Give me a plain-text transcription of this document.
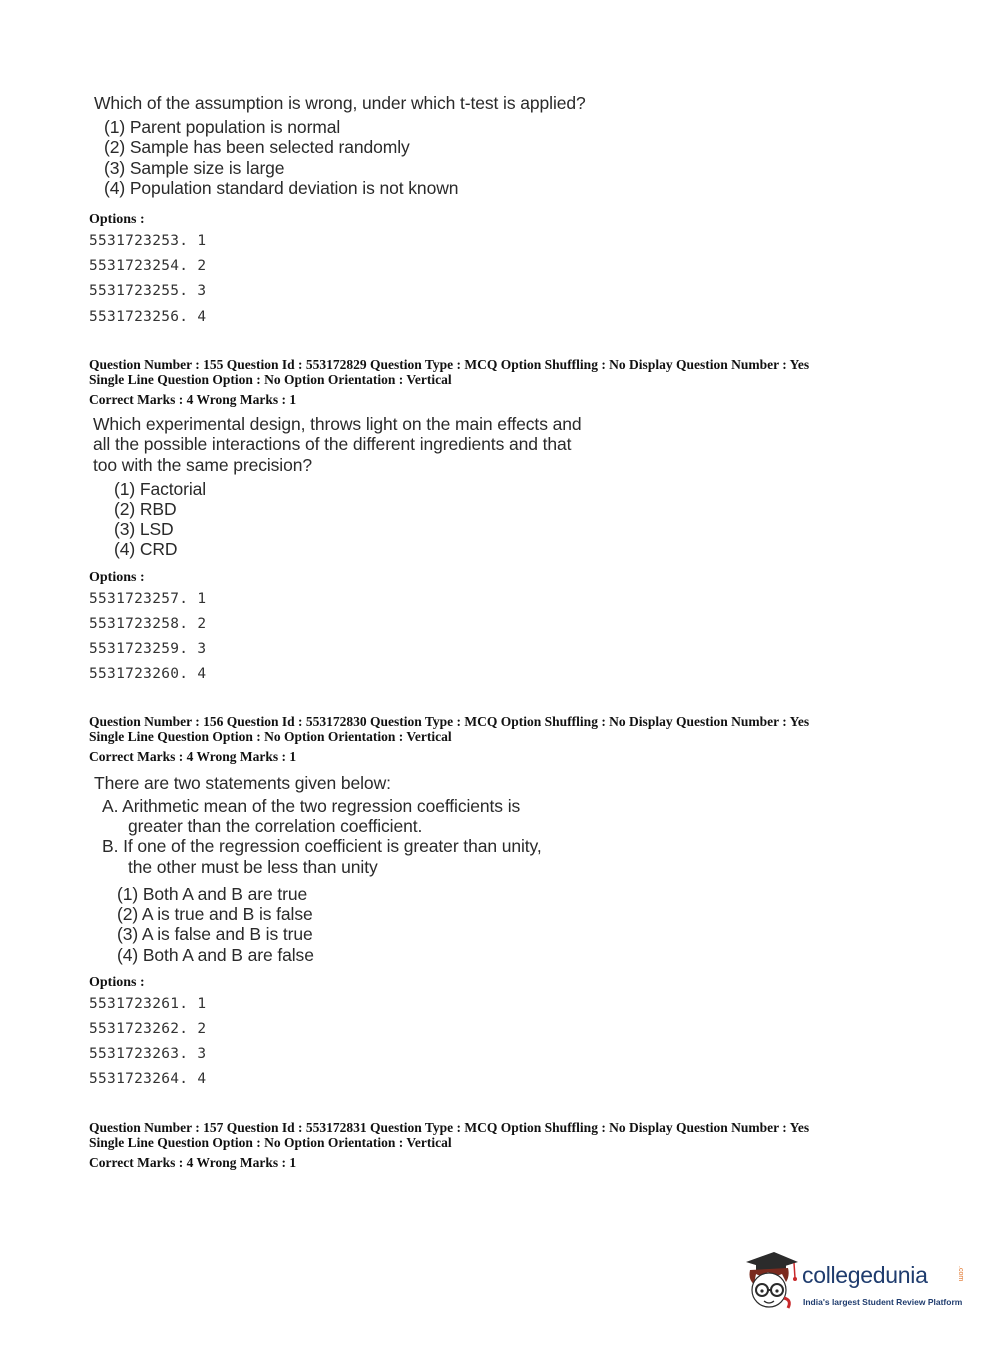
Which of the assumption is wrong, under which t-test is applied?
(1) Parent population is normal
(2) Sample has been selected randomly
(3) Sample size is large
(4) Population standard deviation is not known
Options :
5531723253. 1
5531723254. 2
5531723255. 3
5531723256. 4
Question Number : 155 Question Id : 553172829 Question Type : MCQ Option Shuffling : No Display Question Number : Yes
Single Line Question Option : No Option Orientation : Vertical
Correct Marks : 4 Wrong Marks : 1
Which experimental design, throws light on the main effects and
all the possible interactions of the different ingredients and that
too with the same precision?
(1) Factorial
(2) RBD
(3) LSD
(4) CRD
Options :
5531723257. 1
5531723258. 2
5531723259. 3
5531723260. 4
Question Number : 156 Question Id : 553172830 Question Type : MCQ Option Shuffling : No Display Question Number : Yes
Single Line Question Option : No Option Orientation : Vertical
Correct Marks : 4 Wrong Marks : 1
There are two statements given below:
A. Arithmetic mean of the two regression coefficients is
greater than the correlation coefficient.
B. If one of the regression coefficient is greater than unity,
the other must be less than unity
(1) Both A and B are true
(2) A is true and B is false
(3) A is false and B is true
(4) Both A and B are false
Options :
5531723261. 1
5531723262. 2
5531723263. 3
5531723264. 4
Question Number : 157 Question Id : 553172831 Question Type : MCQ Option Shuffling : No Display Question Number : Yes
Single Line Question Option : No Option Orientation : Vertical
Correct Marks : 4 Wrong Marks : 1
collegedunia	.com
India's largest Student Review Platform
